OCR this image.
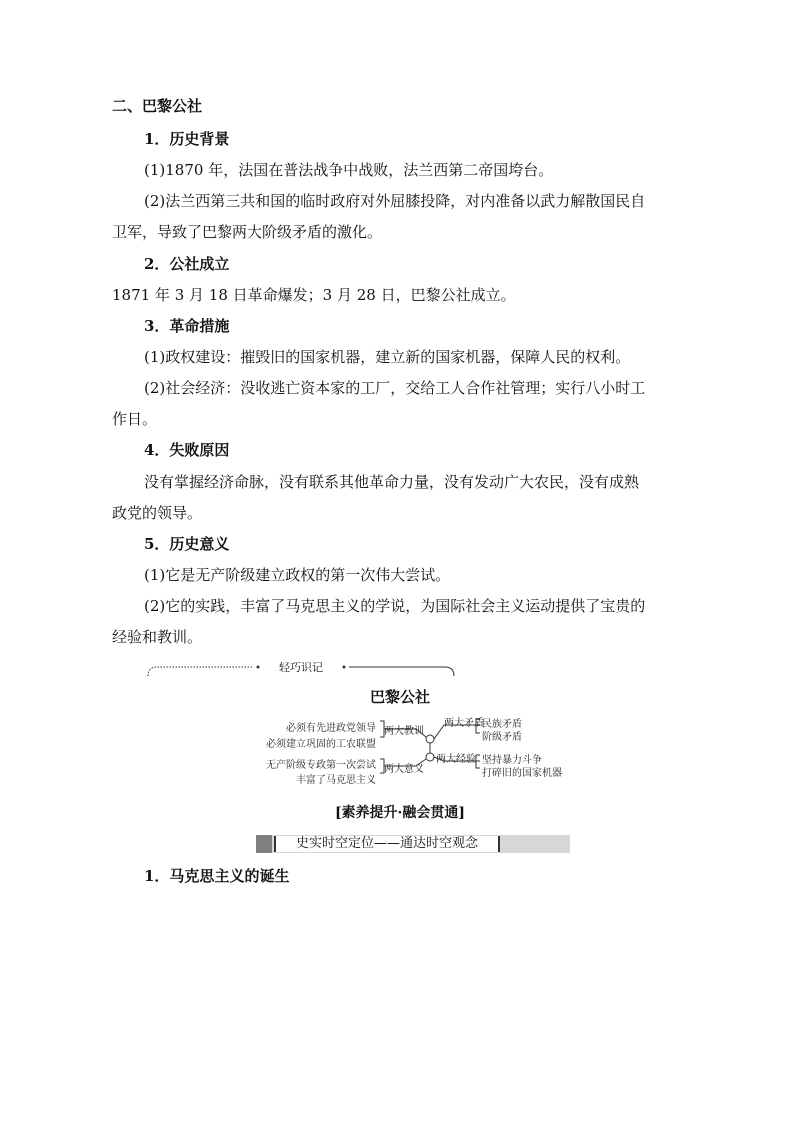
二、巴黎公社
1．历史背景
(1)1870 年，法国在普法战争中战败，法兰西第二帝国垮台。
(2)法兰西第三共和国的临时政府对外屈膝投降，对内准备以武力解散国民自
卫军，导致了巴黎两大阶级矛盾的激化。
2．公社成立
1871 年 3 月 18 日革命爆发；3 月 28 日，巴黎公社成立。
3．革命措施
(1)政权建设：摧毁旧的国家机器，建立新的国家机器，保障人民的权利。
(2)社会经济：没收逃亡资本家的工厂，交给工人合作社管理；实行八小时工
作日。
4．失败原因
没有掌握经济命脉，没有联系其他革命力量，没有发动广大农民，没有成熟
政党的领导。
5．历史意义
(1)它是无产阶级建立政权的第一次伟大尝试。
(2)它的实践，丰富了马克思主义的学说，为国际社会主义运动提供了宝贵的
经验和教训。
轻巧识记
巴黎公社
必须有先进政党领导
必须建立巩固的工农联盟
无产阶级专政第一次尝试
丰富了马克思主义
两大教训
两大意义
两大矛盾
两大经验
民族矛盾
阶级矛盾
坚持暴力斗争
打碎旧的国家机器
[素养提升·融会贯通]
史实时空定位——通达时空观念
1．马克思主义的诞生
